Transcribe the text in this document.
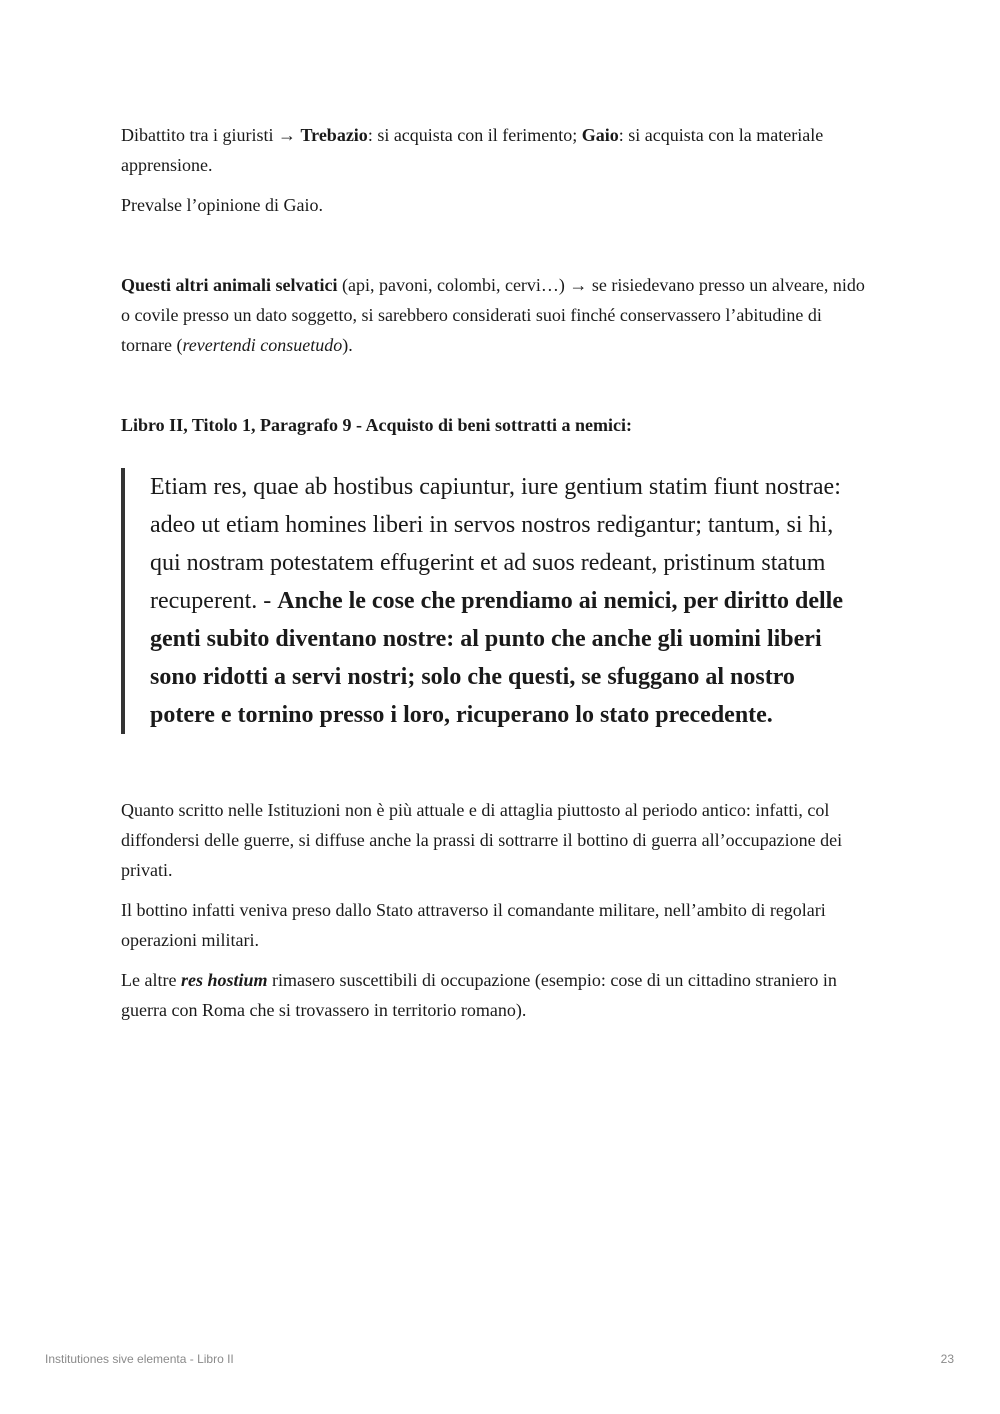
Dibattito tra i giuristi → Trebazio: si acquista con il ferimento; Gaio: si acquista con la materiale apprensione.

Prevalse l’opinione di Gaio.

Questi altri animali selvatici (api, pavoni, colombi, cervi…) → se risiedevano presso un alveare, nido o covile presso un dato soggetto, si sarebbero considerati suoi finché conservassero l’abitudine di tornare (revertendi consuetudo).

Libro II, Titolo 1, Paragrafo 9 - Acquisto di beni sottratti a nemici:

Etiam res, quae ab hostibus capiuntur, iure gentium statim fiunt nostrae: adeo ut etiam homines liberi in servos nostros redigantur; tantum, si hi, qui nostram potestatem effugerint et ad suos redeant, pristinum statum recuperent. - Anche le cose che prendiamo ai nemici, per diritto delle genti subito diventano nostre: al punto che anche gli uomini liberi sono ridotti a servi nostri; solo che questi, se sfuggano al nostro potere e tornino presso i loro, ricuperano lo stato precedente.

Quanto scritto nelle Istituzioni non è più attuale e di attaglia piuttosto al periodo antico: infatti, col diffondersi delle guerre, si diffuse anche la prassi di sottrarre il bottino di guerra all’occupazione dei privati.

Il bottino infatti veniva preso dallo Stato attraverso il comandante militare, nell’ambito di regolari operazioni militari.

Le altre res hostium rimasero suscettibili di occupazione (esempio: cose di un cittadino straniero in guerra con Roma che si trovassero in territorio romano).

Institutiones sive elementa - Libro II	23
